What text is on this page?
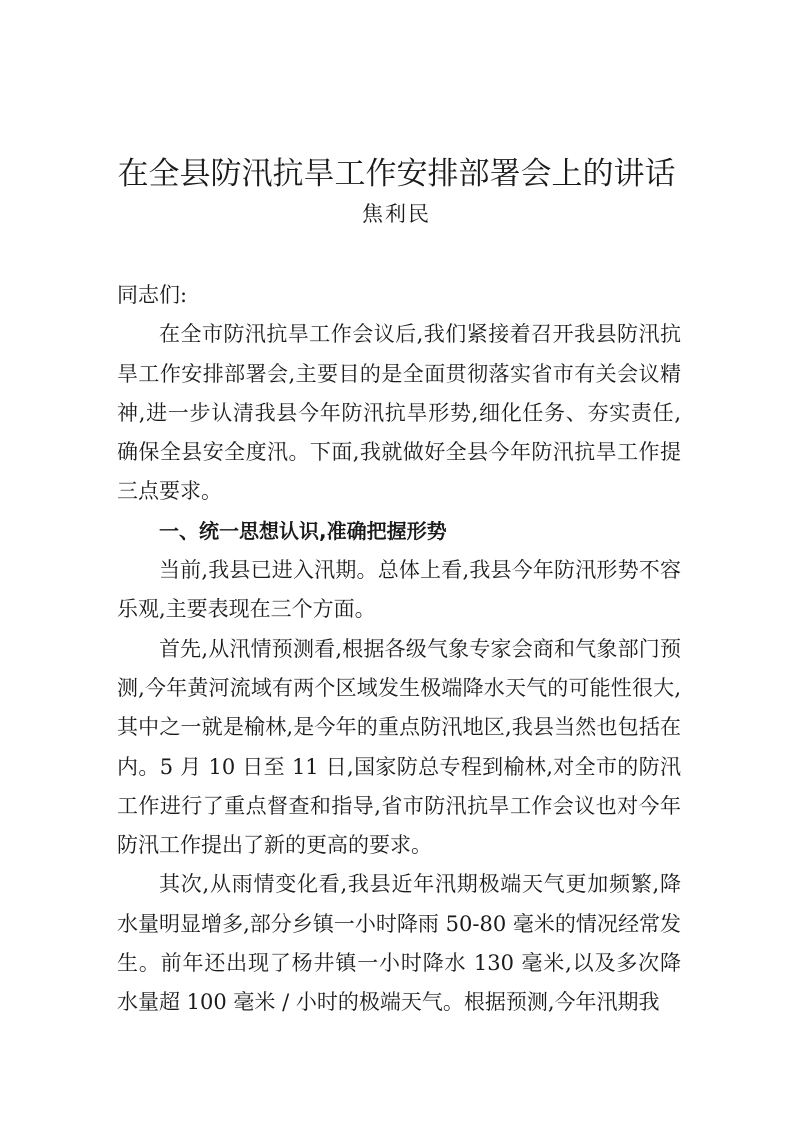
在全县防汛抗旱工作安排部署会上的讲话
焦利民

同志们:

在全市防汛抗旱工作会议后,我们紧接着召开我县防汛抗旱工作安排部署会,主要目的是全面贯彻落实省市有关会议精神,进一步认清我县今年防汛抗旱形势,细化任务、夯实责任,确保全县安全度汛。下面,我就做好全县今年防汛抗旱工作提三点要求。

一、统一思想认识,准确把握形势

当前,我县已进入汛期。总体上看,我县今年防汛形势不容乐观,主要表现在三个方面。

首先,从汛情预测看,根据各级气象专家会商和气象部门预测,今年黄河流域有两个区域发生极端降水天气的可能性很大,其中之一就是榆林,是今年的重点防汛地区,我县当然也包括在内。5 月 10 日至 11 日,国家防总专程到榆林,对全市的防汛工作进行了重点督查和指导,省市防汛抗旱工作会议也对今年防汛工作提出了新的更高的要求。

其次,从雨情变化看,我县近年汛期极端天气更加频繁,降水量明显增多,部分乡镇一小时降雨 50-80 毫米的情况经常发生。前年还出现了杨井镇一小时降水 130 毫米,以及多次降水量超 100 毫米 / 小时的极端天气。根据预测,今年汛期我
